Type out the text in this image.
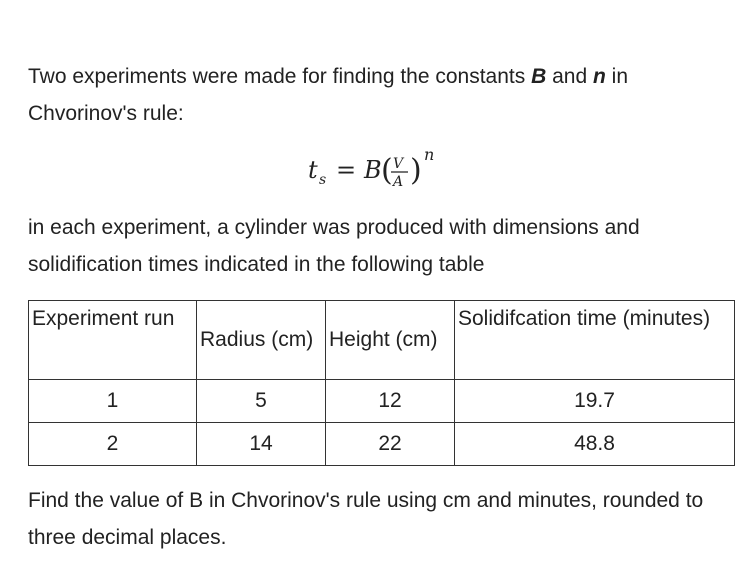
Two experiments were made for finding the constants B and n in Chvorinov's rule:

t s = B ( V
A ) n

in each experiment, a cylinder was produced with dimensions and solidification times indicated in the following table

Experiment run	Radius (cm)	Height (cm)	Solidifcation time (minutes)
1	5	12	19.7
2	14	22	48.8

Find the value of B in Chvorinov's rule using cm and minutes, rounded to three decimal places.
